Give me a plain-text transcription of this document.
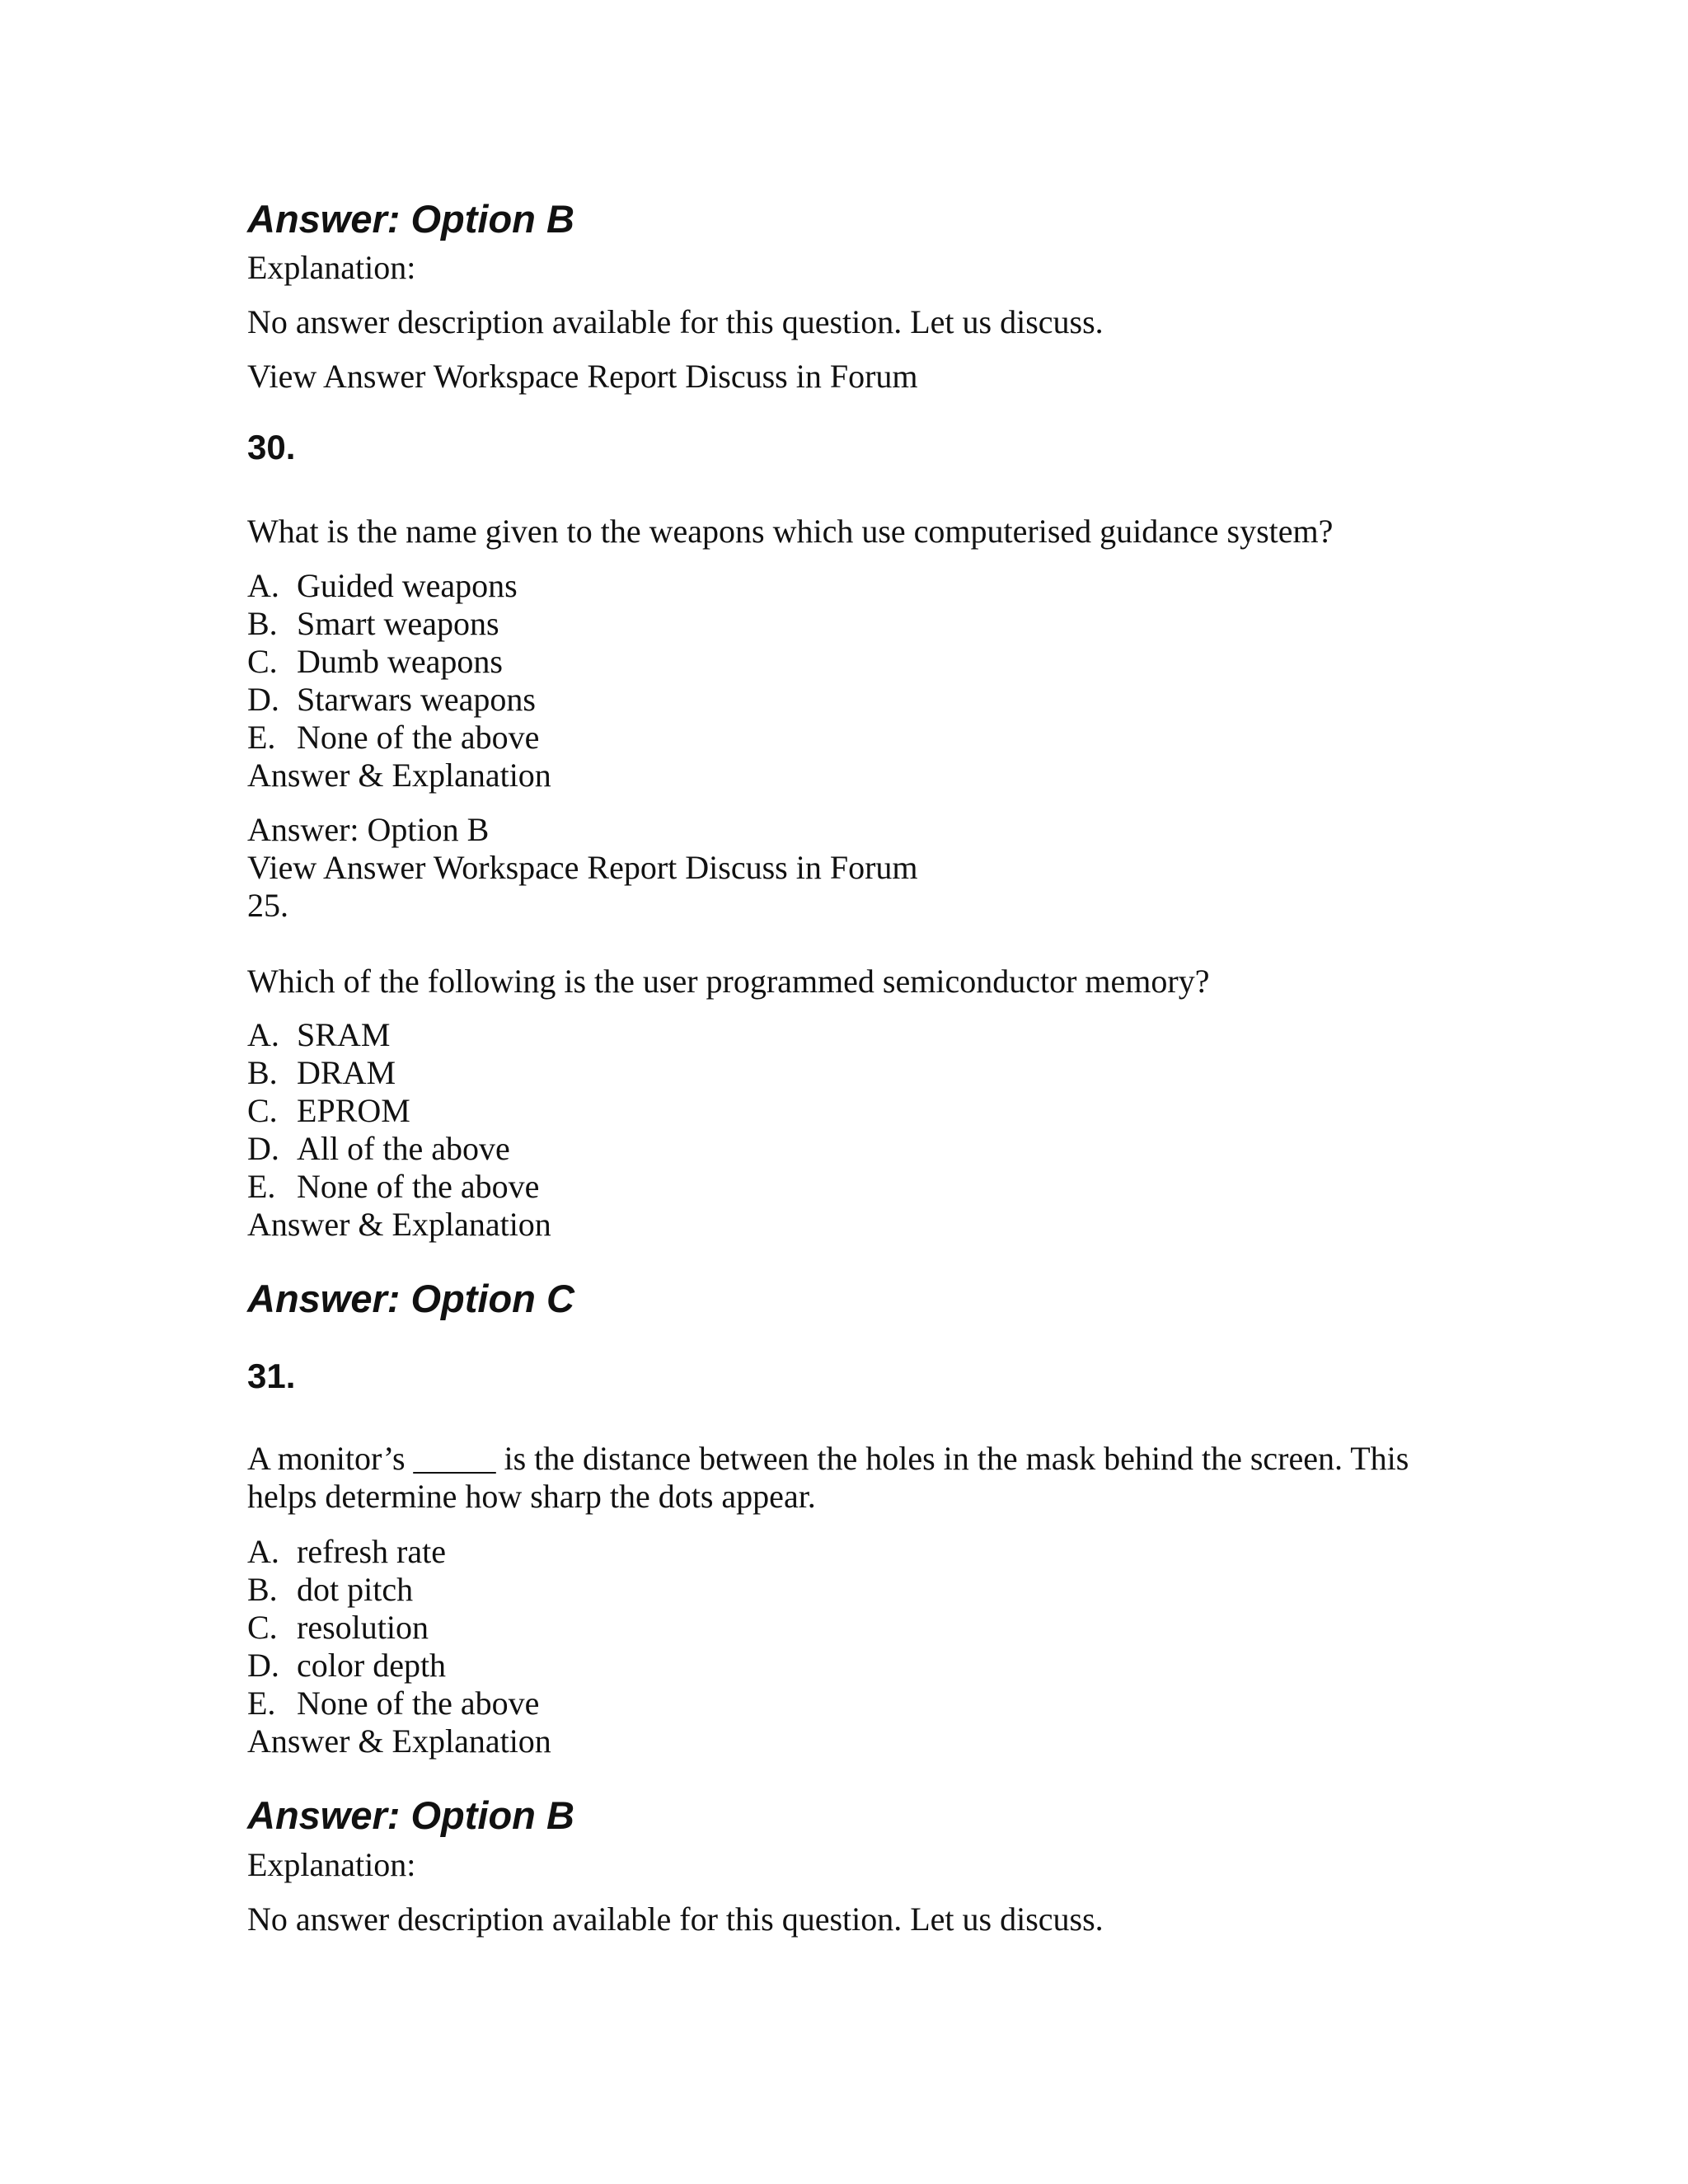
Answer: Option B
Explanation:
No answer description available for this question. Let us discuss.
View Answer Workspace Report Discuss in Forum
30.
What is the name given to the weapons which use computerised guidance system?
A. Guided weapons
B. Smart weapons
C. Dumb weapons
D. Starwars weapons
E. None of the above
Answer & Explanation
Answer: Option B
View Answer Workspace Report Discuss in Forum
25.
Which of the following is the user programmed semiconductor memory?
A. SRAM
B. DRAM
C. EPROM
D. All of the above
E. None of the above
Answer & Explanation
Answer: Option C
31.
A monitor’s _____ is the distance between the holes in the mask behind the screen. This helps determine how sharp the dots appear.
A. refresh rate
B. dot pitch
C. resolution
D. color depth
E. None of the above
Answer & Explanation
Answer: Option B
Explanation:
No answer description available for this question. Let us discuss.
